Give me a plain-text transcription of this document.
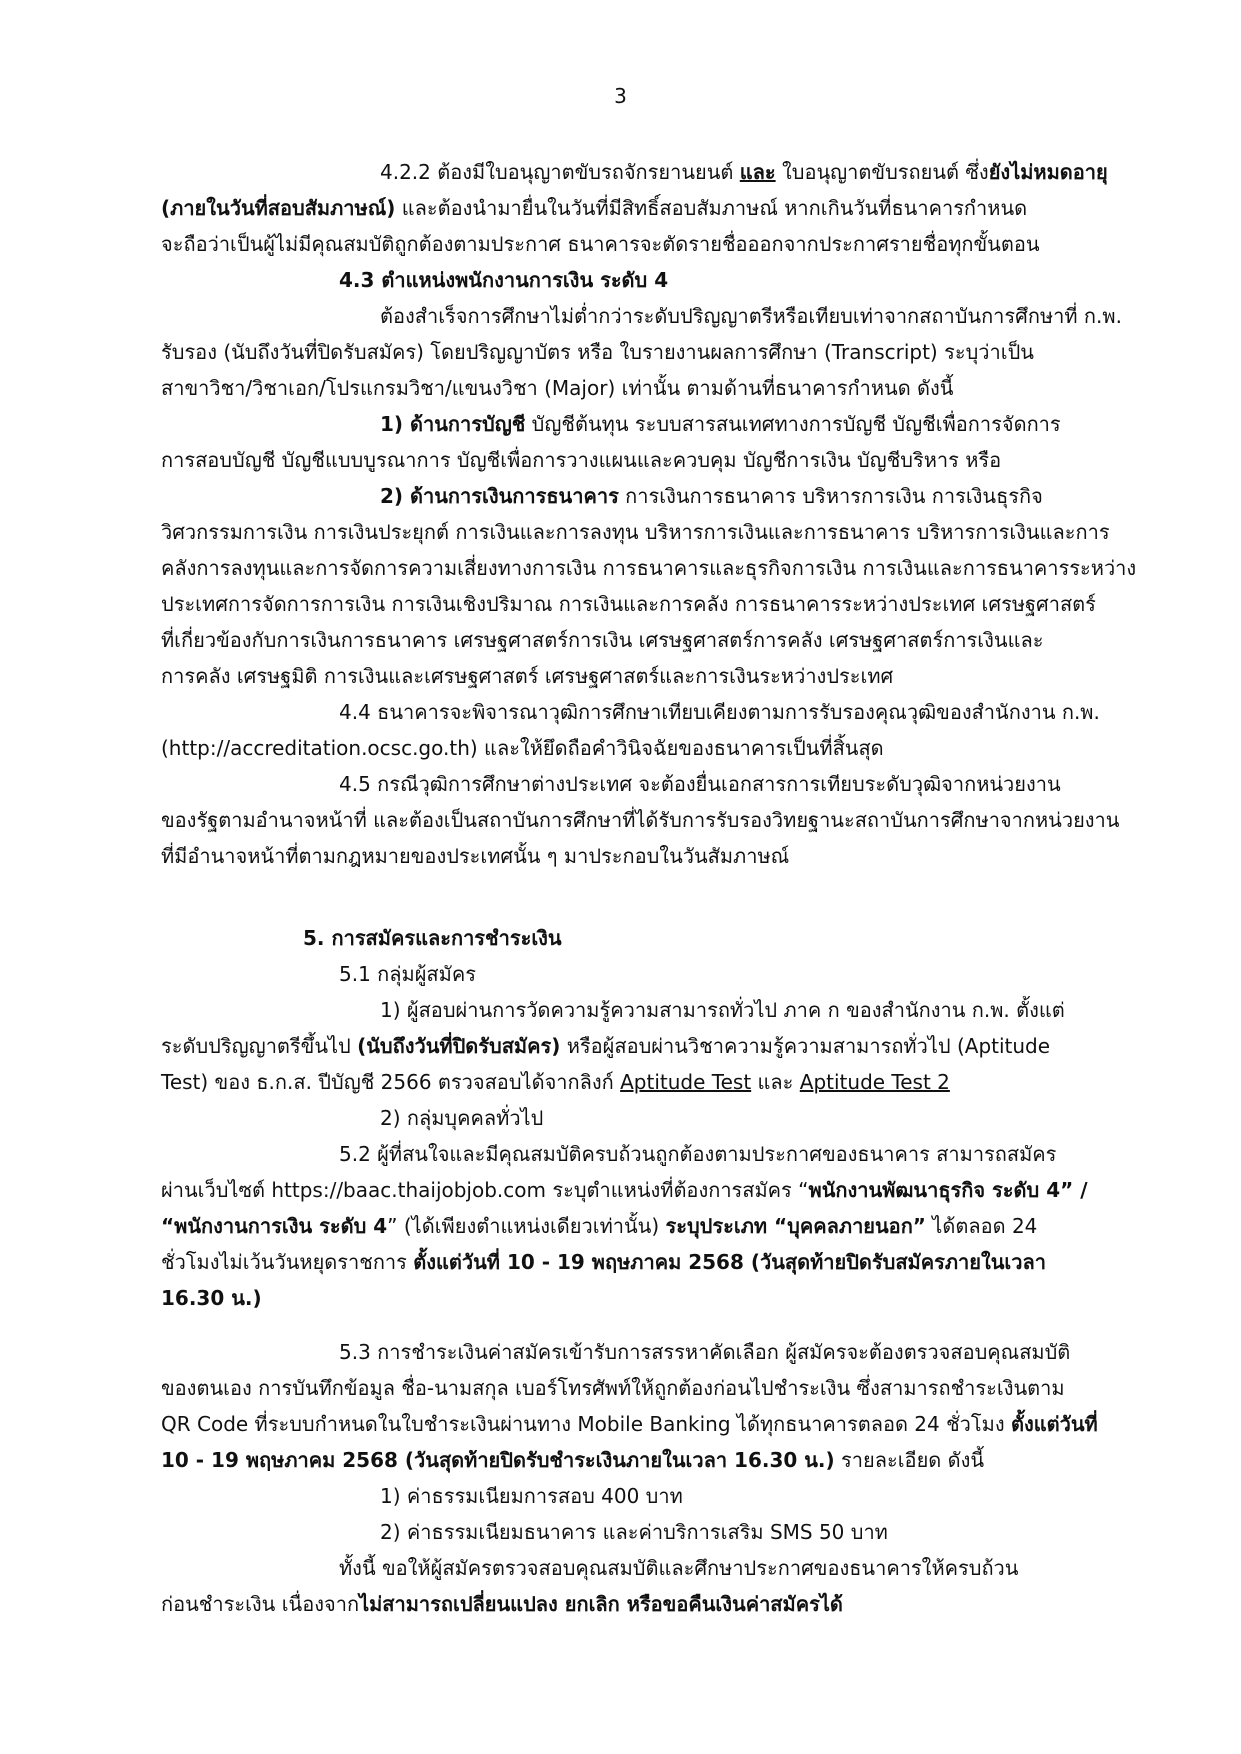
3
4.2.2 ต้องมีใบอนุญาตขับรถจักรยานยนต์ และ ใบอนุญาตขับรถยนต์ ซึ่งยังไม่หมดอายุ
(ภายในวันที่สอบสัมภาษณ์) และต้องนำมายื่นในวันที่มีสิทธิ์สอบสัมภาษณ์ หากเกินวันที่ธนาคารกำหนด
จะถือว่าเป็นผู้ไม่มีคุณสมบัติถูกต้องตามประกาศ ธนาคารจะตัดรายชื่อออกจากประกาศรายชื่อทุกขั้นตอน
4.3 ตำแหน่งพนักงานการเงิน ระดับ 4
ต้องสำเร็จการศึกษาไม่ต่ำกว่าระดับปริญญาตรีหรือเทียบเท่าจากสถาบันการศึกษาที่ ก.พ.
รับรอง (นับถึงวันที่ปิดรับสมัคร) โดยปริญญาบัตร หรือ ใบรายงานผลการศึกษา (Transcript) ระบุว่าเป็น
สาขาวิชา/วิชาเอก/โปรแกรมวิชา/แขนงวิชา (Major) เท่านั้น ตามด้านที่ธนาคารกำหนด ดังนี้
1) ด้านการบัญชี บัญชีต้นทุน ระบบสารสนเทศทางการบัญชี บัญชีเพื่อการจัดการ
การสอบบัญชี บัญชีแบบบูรณาการ บัญชีเพื่อการวางแผนและควบคุม บัญชีการเงิน บัญชีบริหาร หรือ
2) ด้านการเงินการธนาคาร การเงินการธนาคาร บริหารการเงิน การเงินธุรกิจ
วิศวกรรมการเงิน การเงินประยุกต์ การเงินและการลงทุน บริหารการเงินและการธนาคาร บริหารการเงินและการ
คลังการลงทุนและการจัดการความเสี่ยงทางการเงิน การธนาคารและธุรกิจการเงิน การเงินและการธนาคารระหว่าง
ประเทศการจัดการการเงิน การเงินเชิงปริมาณ การเงินและการคลัง การธนาคารระหว่างประเทศ เศรษฐศาสตร์
ที่เกี่ยวข้องกับการเงินการธนาคาร เศรษฐศาสตร์การเงิน เศรษฐศาสตร์การคลัง เศรษฐศาสตร์การเงินและ
การคลัง เศรษฐมิติ การเงินและเศรษฐศาสตร์ เศรษฐศาสตร์และการเงินระหว่างประเทศ
4.4 ธนาคารจะพิจารณาวุฒิการศึกษาเทียบเคียงตามการรับรองคุณวุฒิของสำนักงาน ก.พ.
(http://accreditation.ocsc.go.th) และให้ยึดถือคำวินิจฉัยของธนาคารเป็นที่สิ้นสุด
4.5 กรณีวุฒิการศึกษาต่างประเทศ จะต้องยื่นเอกสารการเทียบระดับวุฒิจากหน่วยงาน
ของรัฐตามอำนาจหน้าที่ และต้องเป็นสถาบันการศึกษาที่ได้รับการรับรองวิทยฐานะสถาบันการศึกษาจากหน่วยงาน
ที่มีอำนาจหน้าที่ตามกฎหมายของประเทศนั้น ๆ มาประกอบในวันสัมภาษณ์
5. การสมัครและการชำระเงิน
5.1 กลุ่มผู้สมัคร
1) ผู้สอบผ่านการวัดความรู้ความสามารถทั่วไป ภาค ก ของสำนักงาน ก.พ. ตั้งแต่
ระดับปริญญาตรีขึ้นไป (นับถึงวันที่ปิดรับสมัคร) หรือผู้สอบผ่านวิชาความรู้ความสามารถทั่วไป (Aptitude
Test) ของ ธ.ก.ส. ปีบัญชี 2566 ตรวจสอบได้จากลิงก์ Aptitude Test และ Aptitude Test 2
2) กลุ่มบุคคลทั่วไป
5.2 ผู้ที่สนใจและมีคุณสมบัติครบถ้วนถูกต้องตามประกาศของธนาคาร สามารถสมัคร
ผ่านเว็บไซต์ https://baac.thaijobjob.com ระบุตำแหน่งที่ต้องการสมัคร “พนักงานพัฒนาธุรกิจ ระดับ 4” /
“พนักงานการเงิน ระดับ 4” (ได้เพียงตำแหน่งเดียวเท่านั้น) ระบุประเภท “บุคคลภายนอก” ได้ตลอด 24
ชั่วโมงไม่เว้นวันหยุดราชการ ตั้งแต่วันที่ 10 - 19 พฤษภาคม 2568 (วันสุดท้ายปิดรับสมัครภายในเวลา
16.30 น.)
5.3 การชำระเงินค่าสมัครเข้ารับการสรรหาคัดเลือก ผู้สมัครจะต้องตรวจสอบคุณสมบัติ
ของตนเอง การบันทึกข้อมูล ชื่อ-นามสกุล เบอร์โทรศัพท์ให้ถูกต้องก่อนไปชำระเงิน ซึ่งสามารถชำระเงินตาม
QR Code ที่ระบบกำหนดในใบชำระเงินผ่านทาง Mobile Banking ได้ทุกธนาคารตลอด 24 ชั่วโมง ตั้งแต่วันที่
10 - 19 พฤษภาคม 2568 (วันสุดท้ายปิดรับชำระเงินภายในเวลา 16.30 น.) รายละเอียด ดังนี้
1) ค่าธรรมเนียมการสอบ 400 บาท
2) ค่าธรรมเนียมธนาคาร และค่าบริการเสริม SMS 50 บาท
ทั้งนี้ ขอให้ผู้สมัครตรวจสอบคุณสมบัติและศึกษาประกาศของธนาคารให้ครบถ้วน
ก่อนชำระเงิน เนื่องจากไม่สามารถเปลี่ยนแปลง ยกเลิก หรือขอคืนเงินค่าสมัครได้
